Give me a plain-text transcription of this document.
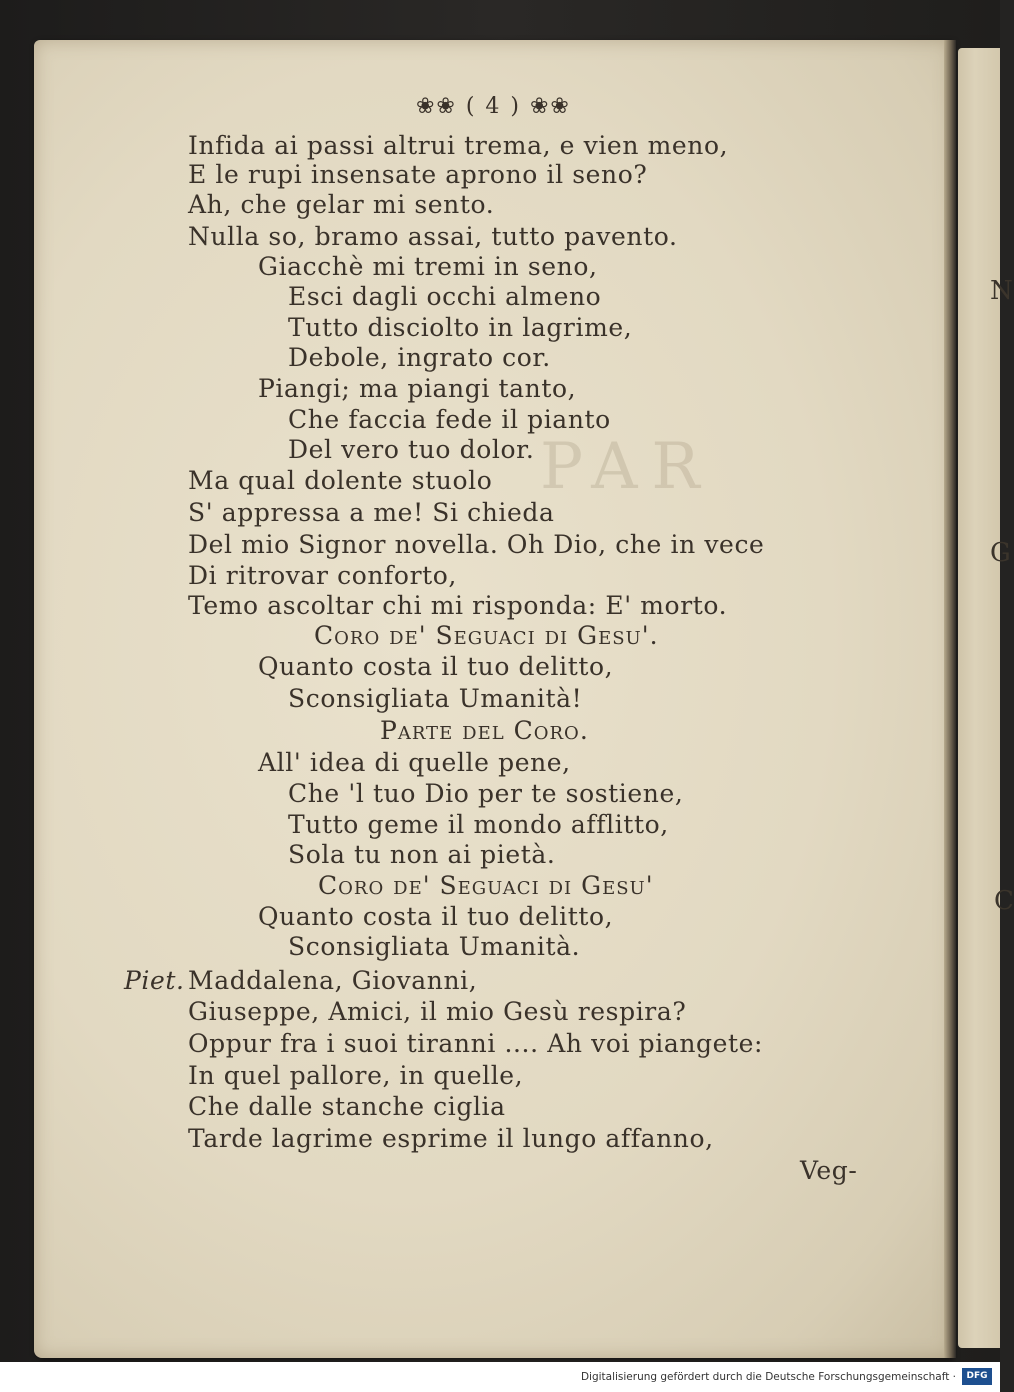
N
G
C
PAR
❀❀ ( 4 ) ❀❀
Infida ai passi altrui trema, e vien meno,
E le rupi insensate aprono il seno?
Ah, che gelar mi sento.
Nulla so, bramo assai, tutto pavento.
Giacchè mi tremi in seno,
Esci dagli occhi almeno
Tutto disciolto in lagrime,
Debole, ingrato cor.
Piangi; ma piangi tanto,
Che faccia fede il pianto
Del vero tuo dolor.
Ma qual dolente stuolo
S' appressa a me! Si chieda
Del mio Signor novella. Oh Dio, che in vece
Di ritrovar conforto,
Temo ascoltar chi mi risponda: E' morto.
Coro de' Seguaci di Gesu'.
Quanto costa il tuo delitto,
Sconsigliata Umanità!
Parte del Coro.
All' idea di quelle pene,
Che 'l tuo Dio per te sostiene,
Tutto geme il mondo afflitto,
Sola tu non ai pietà.
Coro de' Seguaci di Gesu'
Quanto costa il tuo delitto,
Sconsigliata Umanità.
Piet. Maddalena, Giovanni,
Giuseppe, Amici, il mio Gesù respira?
Oppur fra i suoi tiranni .... Ah voi piangete:
In quel pallore, in quelle,
Che dalle stanche ciglia
Tarde lagrime esprime il lungo affanno,
Veg-
Digitalisierung gefördert durch die Deutsche Forschungsgemeinschaft ·	DFG
